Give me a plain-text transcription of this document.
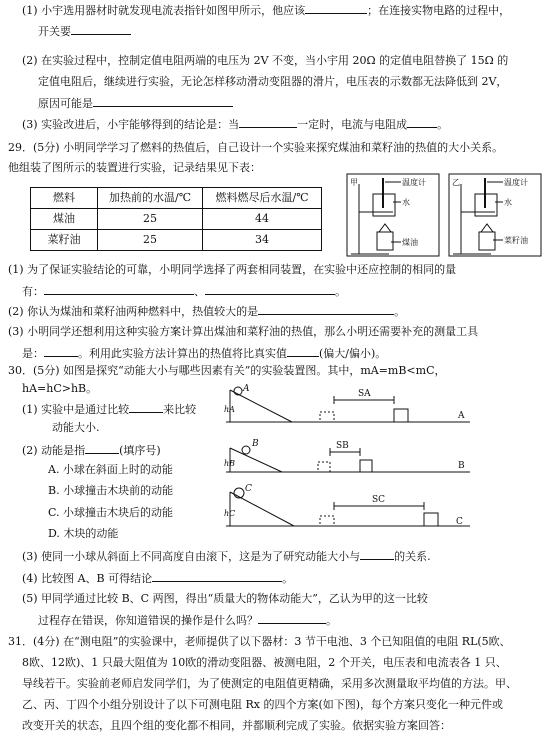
(1) 小宇选用器材时就发现电流表指针如图甲所示，他应该	；在连接实物电路的过程中，
开关要
(2) 在实验过程中，控制定值电阻两端的电压为 2V 不变，当小宇用 20Ω 的定值电阻替换了 15Ω 的
定值电阻后，继续进行实验，无论怎样移动滑动变阻器的滑片，电压表的示数都无法降低到 2V，
原因可能是
(3) 实验改进后，小宇能够得到的结论是：当	一定时，电流与电阻成	。
29．(5分) 小明同学学习了燃料的热值后，自己设计一个实验来探究煤油和菜籽油的热值的大小关系。
他组装了图所示的装置进行实验，记录结果见下表：
燃料	加热前的水温/℃	燃料燃尽后水温/℃
煤油	25	44
菜籽油	25	34
甲	温度计
水
煤油
乙	温度计
水
菜籽油
(1) 为了保证实验结论的可靠，小明同学选择了两套相同装置，在实验中还应控制的相同的量
有：	、	。
(2) 你认为煤油和菜籽油两种燃料中，热值较大的是	。
(3) 小明同学还想利用这种实验方案计算出煤油和菜籽油的热值，那么小明还需要补充的测量工具
是：	。利用此实验方法计算出的热值将比真实值	(偏大/偏小)。
30．(5分) 如图是探究“动能大小与哪些因素有关”的实验装置图。其中，mA=mB<mC，
hA=hC>hB。
(1) 实验中是通过比较	来比较
动能大小.
(2) 动能是指	(填序号)
A. 小球在斜面上时的动能
B. 小球撞击木块前的动能
C. 小球撞击木块后的动能
D. 木块的动能
A
hA
SA
A
B
hB
SB
B
C
hC
SC
C
(3) 使同一小球从斜面上不同高度自由滚下，这是为了研究动能大小与	的关系.
(4) 比较图 A、B 可得结论	。
(5) 甲同学通过比较 B、C 两图，得出“质量大的物体动能大”，乙认为甲的这一比较
过程存在错误，你知道错误的操作是什么吗？	。
31．(4分) 在“测电阻”的实验课中，老师提供了以下器材：3 节干电池、3 个已知阻值的电阻 RL(5欧、
8欧、12欧)、1 只最大阻值为 10欧的滑动变阻器、被测电阻，2 个开关，电压表和电流表各 1 只、
导线若干。实验前老师启发同学们，为了使测定的电阻值更精确，采用多次测量取平均值的方法。甲、
乙、丙、丁四个小组分别设计了以下可测电阻 Rx 的四个方案(如下图)，每个方案只变化一种元件或
改变开关的状态，且四个组的变化都不相同，并都顺利完成了实验。依据实验方案回答：
